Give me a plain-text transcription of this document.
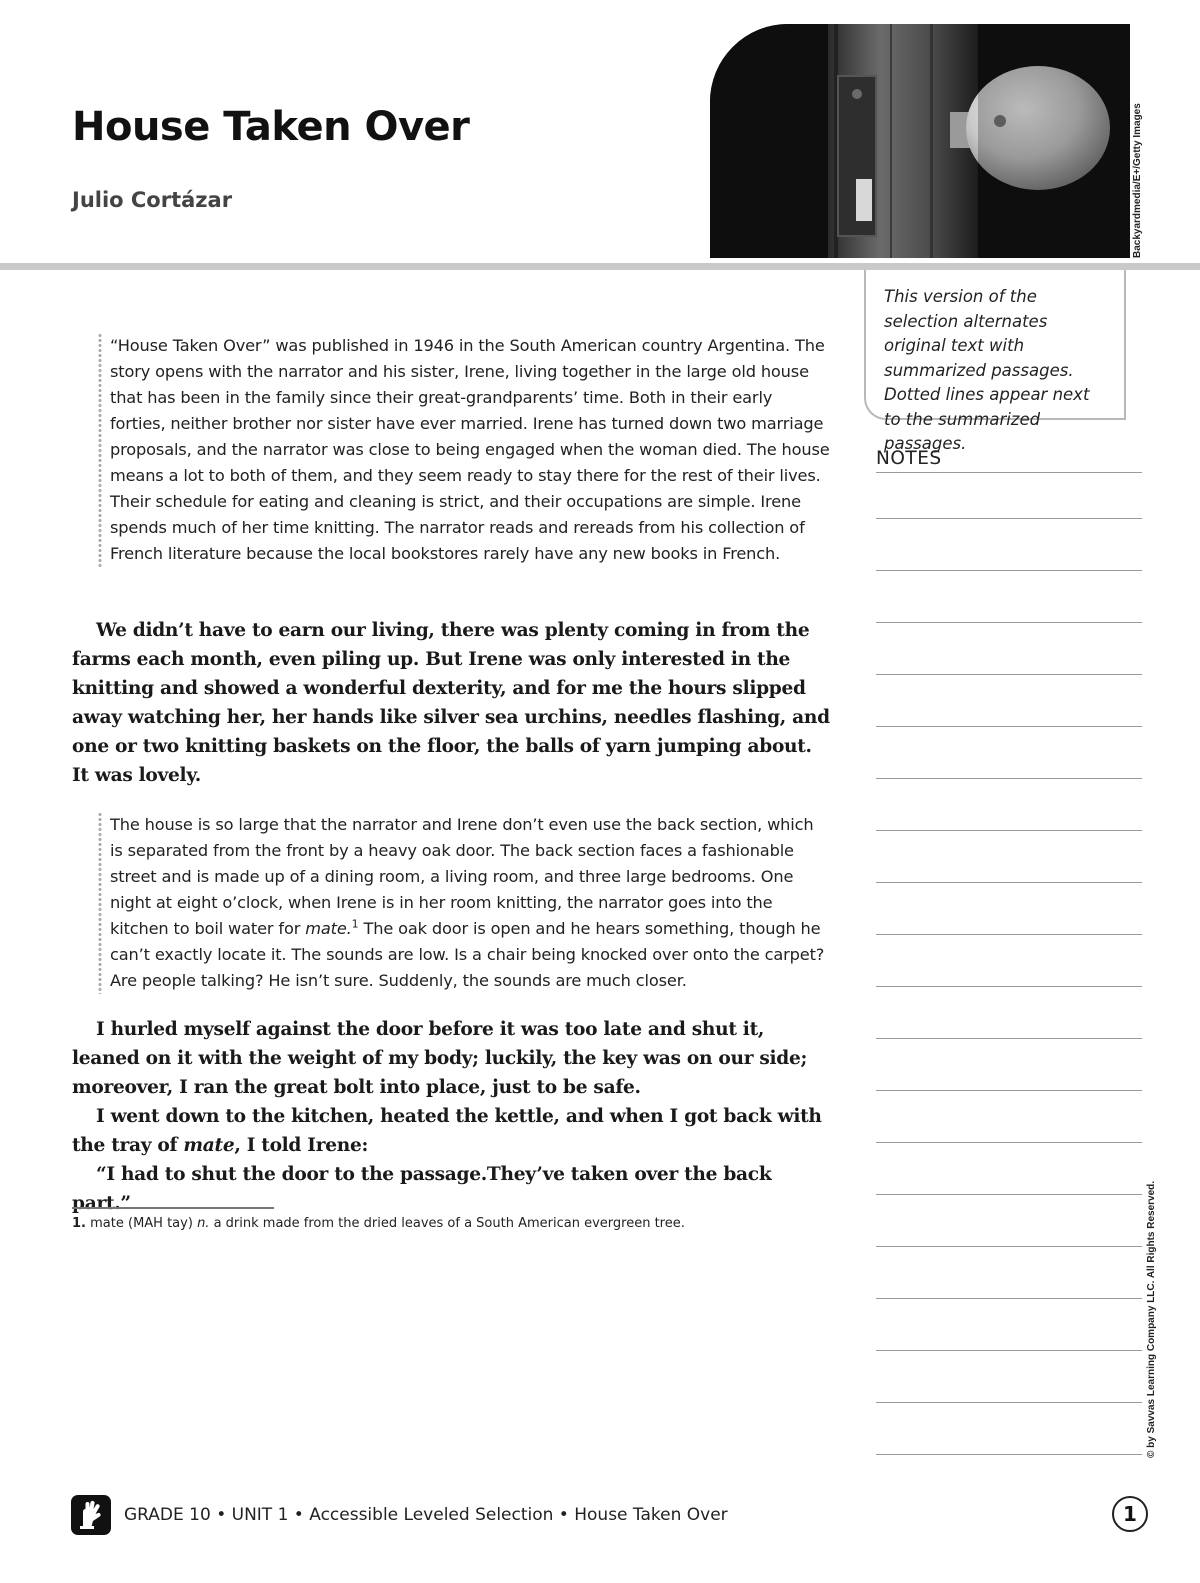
House Taken Over
Julio Cortázar	Backyardmedia/E+/Getty Images

This version of the selection alternates original text with summarized passages. Dotted lines appear next to the summarized passages.

NOTES

“House Taken Over” was published in 1946 in the South American country Argentina. The story opens with the narrator and his sister, Irene, living together in the large old house that has been in the family since their great-grandparents’ time. Both in their early forties, neither brother nor sister have ever married. Irene has turned down two marriage proposals, and the narrator was close to being engaged when the woman died. The house means a lot to both of them, and they seem ready to stay there for the rest of their lives. Their schedule for eating and cleaning is strict, and their occupations are simple. Irene spends much of her time knitting. The narrator reads and rereads from his collection of French literature because the local bookstores rarely have any new books in French.

We didn’t have to earn our living, there was plenty coming in from the farms each month, even piling up. But Irene was only interested in the knitting and showed a wonderful dexterity, and for me the hours slipped away watching her, her hands like silver sea urchins, needles flashing, and one or two knitting baskets on the floor, the balls of yarn jumping about. It was lovely.

The house is so large that the narrator and Irene don’t even use the back section, which is separated from the front by a heavy oak door. The back section faces a fashionable street and is made up of a dining room, a living room, and three large bedrooms. One night at eight o’clock, when Irene is in her room knitting, the narrator goes into the kitchen to boil water for mate.$^1$ The oak door is open and he hears something, though he can’t exactly locate it. The sounds are low. Is a chair being knocked over onto the carpet? Are people talking? He isn’t sure. Suddenly, the sounds are much closer.

I hurled myself against the door before it was too late and shut it, leaned on it with the weight of my body; luckily, the key was on our side; moreover, I ran the great bolt into place, just to be safe.

I went down to the kitchen, heated the kettle, and when I got back with the tray of mate, I told Irene:

“I had to shut the door to the passage.They’ve taken over the back part.”

1. mate (MAH tay) n. a drink made from the dried leaves of a South American evergreen tree.	© by Savvas Learning Company LLC. All Rights Reserved.
GRADE 10 • UNIT 1 • Accessible Leveled Selection • House Taken Over	1
